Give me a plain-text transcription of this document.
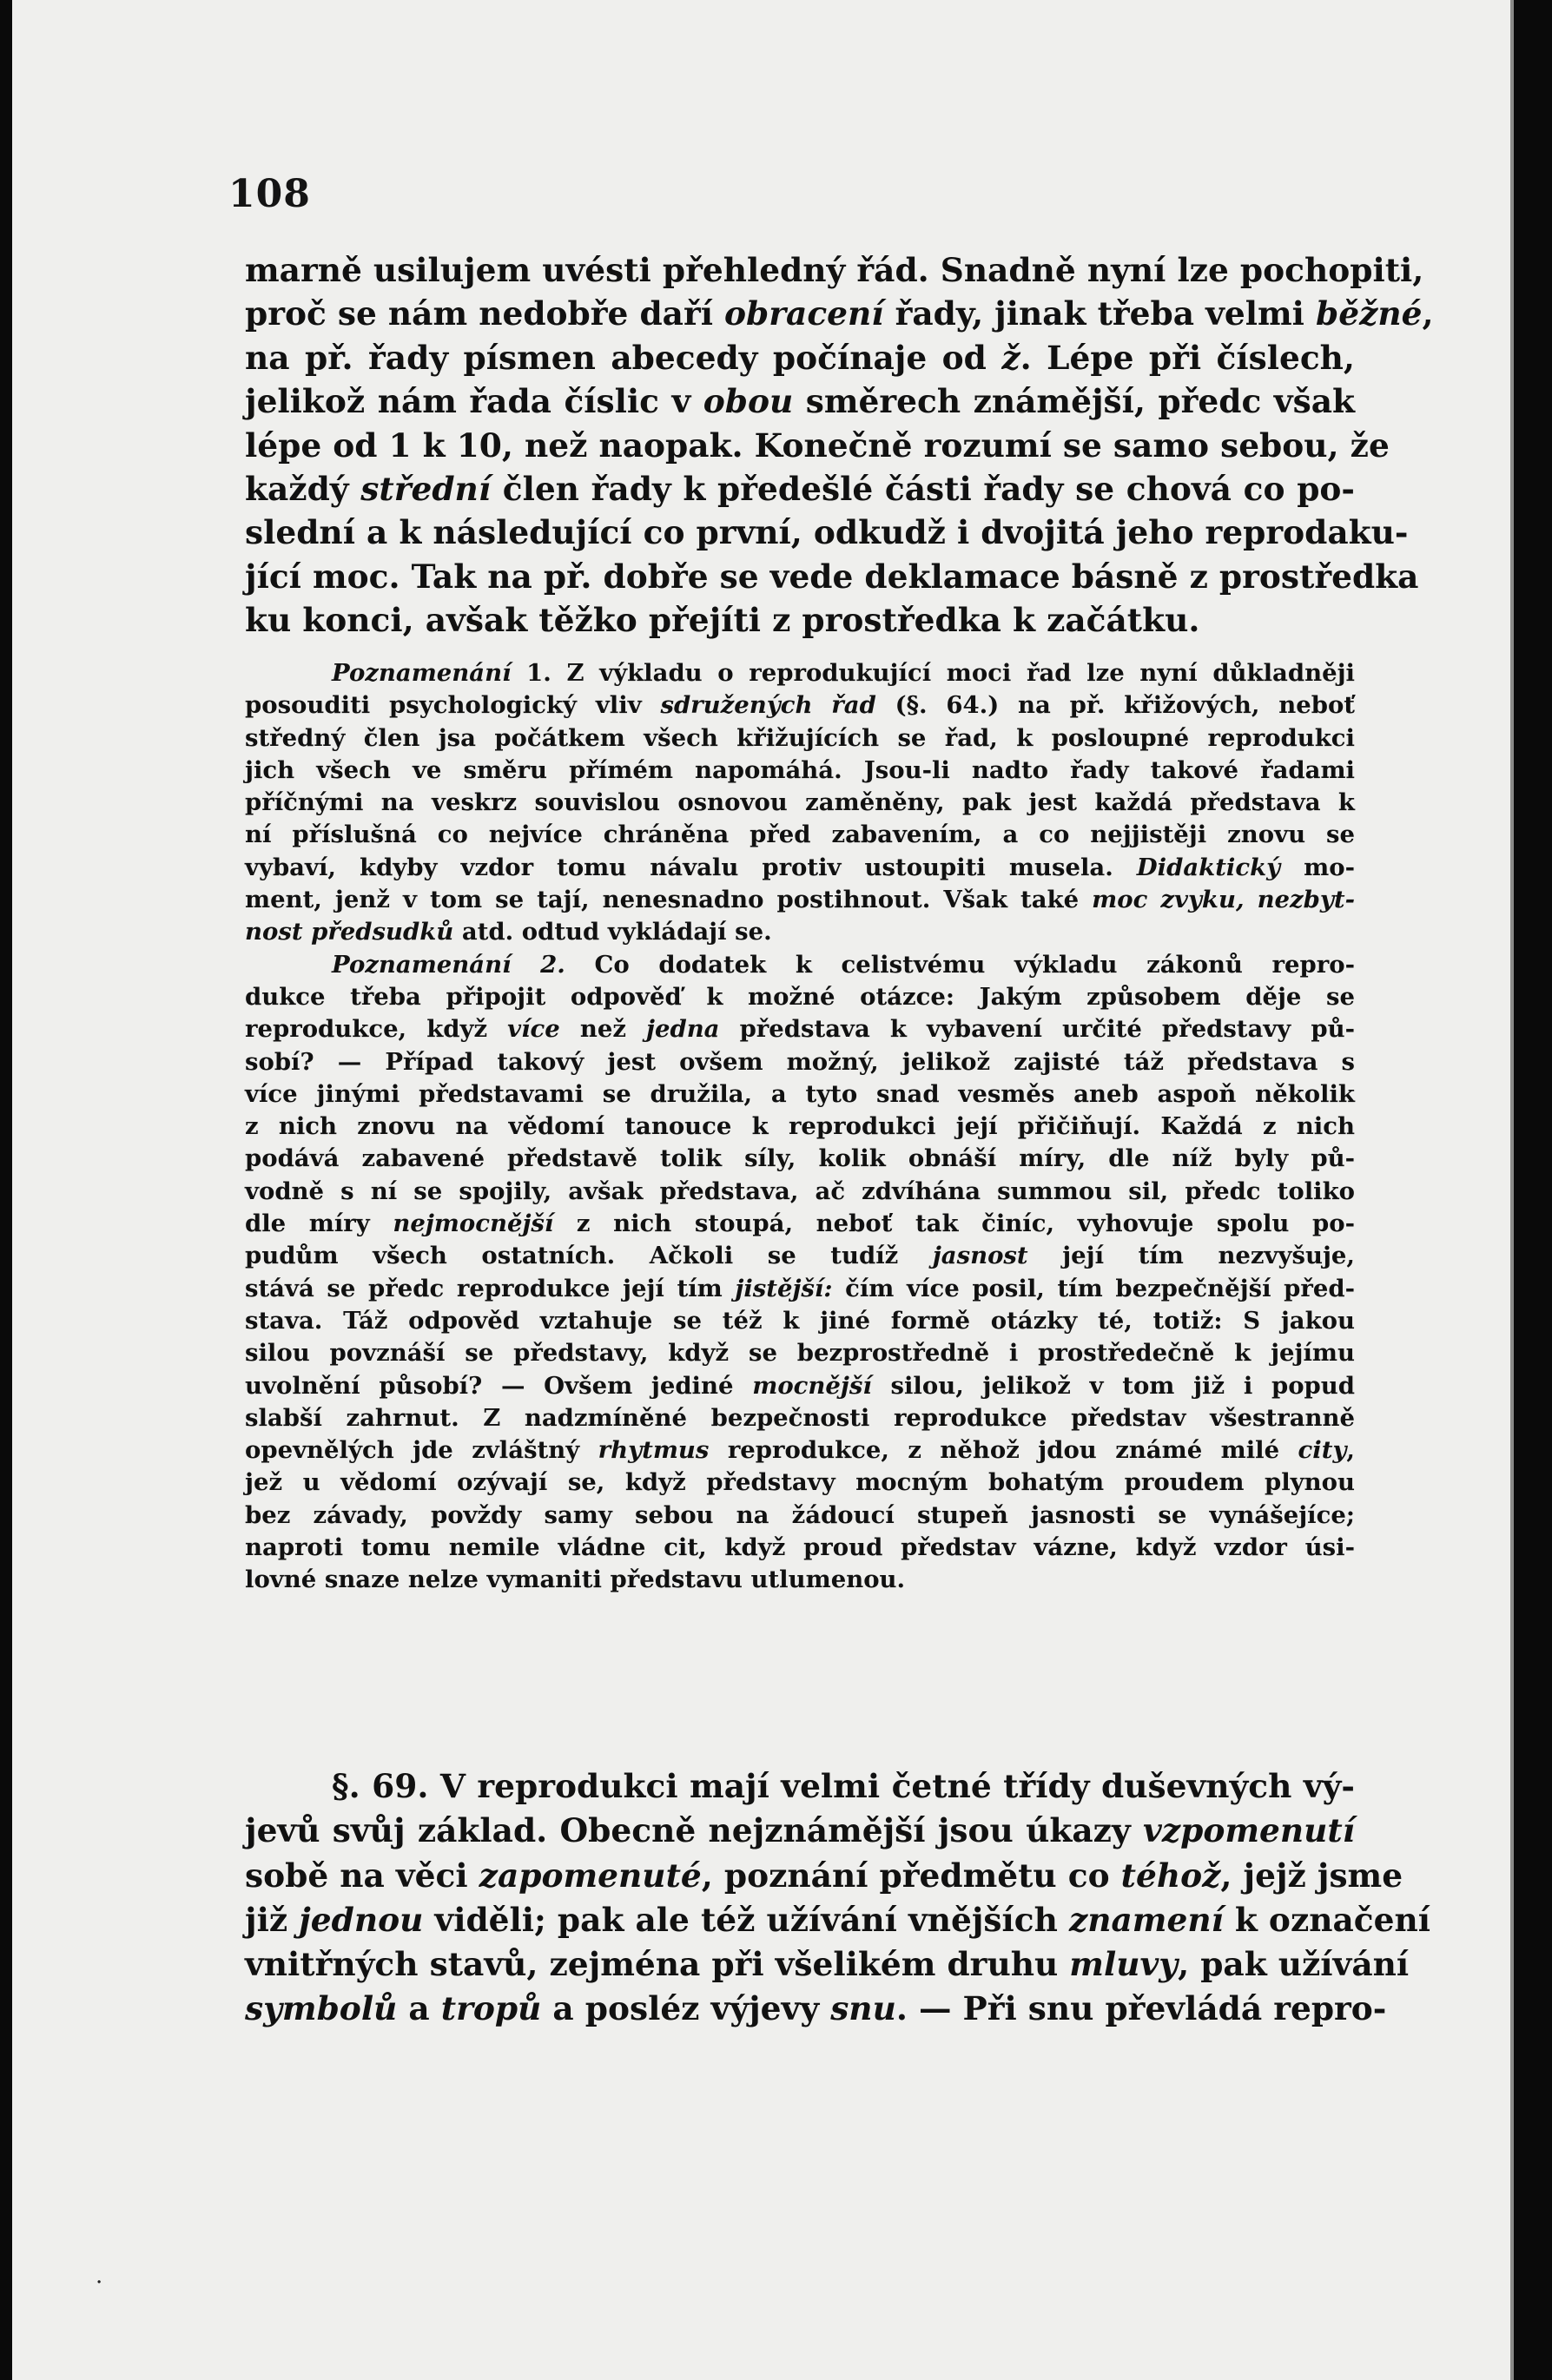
108
marně usilujem uvésti přehledný řád. Snadně nyní lze pochopiti,
proč se nám nedobře daří obracení řady, jinak třeba velmi běžné,
na př. řady písmen abecedy počínaje od ž. Lépe při číslech,
jelikož nám řada číslic v obou směrech známější, předc však
lépe od 1 k 10, než naopak. Konečně rozumí se samo sebou, že
každý střední člen řady k předešlé části řady se chová co po-
slední a k následující co první, odkudž i dvojitá jeho reprodaku-
jící moc. Tak na př. dobře se vede deklamace básně z prostředka
ku konci, avšak těžko přejíti z prostředka k začátku.
Poznamenání 1. Z výkladu o reprodukující moci řad lze nyní důkladněji
posouditi psychologický vliv sdružených řad (§. 64.) na př. křižových, neboť
středný člen jsa počátkem všech křižujících se řad, k posloupné reprodukci
jich všech ve směru přímém napomáhá. Jsou-li nadto řady takové řadami
příčnými na veskrz souvislou osnovou zaměněny, pak jest každá představa k
ní příslušná co nejvíce chráněna před zabavením, a co nejjistěji znovu se
vybaví, kdyby vzdor tomu návalu protiv ustoupiti musela. Didaktický mo-
ment, jenž v tom se tají, nenesnadno postihnout. Však také moc zvyku, nezbyt-
nost předsudků atd. odtud vykládají se.
Poznamenání 2. Co dodatek k celistvému výkladu zákonů repro-
dukce třeba připojit odpověď k možné otázce: Jakým způsobem děje se
reprodukce, když více než jedna představa k vybavení určité představy pů-
sobí? — Případ takový jest ovšem možný, jelikož zajisté táž představa s
více jinými představami se družila, a tyto snad vesměs aneb aspoň několik
z nich znovu na vědomí tanouce k reprodukci její přičiňují. Každá z nich
podává zabavené představě tolik síly, kolik obnáší míry, dle níž byly pů-
vodně s ní se spojily, avšak představa, ač zdvíhána summou sil, předc toliko
dle míry nejmocnější z nich stoupá, neboť tak činíc, vyhovuje spolu po-
pudům všech ostatních. Ačkoli se tudíž jasnost její tím nezvyšuje,
stává se předc reprodukce její tím jistější: čím více posil, tím bezpečnější před-
stava. Táž odpověd vztahuje se též k jiné formě otázky té, totiž: S jakou
silou povznáší se představy, když se bezprostředně i prostředečně k jejímu
uvolnění působí? — Ovšem jediné mocnější silou, jelikož v tom již i popud
slabší zahrnut. Z nadzmíněné bezpečnosti reprodukce představ všestranně
opevnělých jde zvláštný rhytmus reprodukce, z něhož jdou známé milé city,
jež u vědomí ozývají se, když představy mocným bohatým proudem plynou
bez závady, povždy samy sebou na žádoucí stupeň jasnosti se vynášejíce;
naproti tomu nemile vládne cit, když proud představ vázne, když vzdor úsi-
lovné snaze nelze vymaniti představu utlumenou.
§. 69. V reprodukci mají velmi četné třídy duševných vý-
jevů svůj základ. Obecně nejznámější jsou úkazy vzpomenutí
sobě na věci zapomenuté, poznání předmětu co téhož, jejž jsme
již jednou viděli; pak ale též užívání vnějších znamení k označení
vnitřných stavů, zejména při všelikém druhu mluvy, pak užívání
symbolů a tropů a posléz výjevy snu. — Při snu převládá repro-
·
